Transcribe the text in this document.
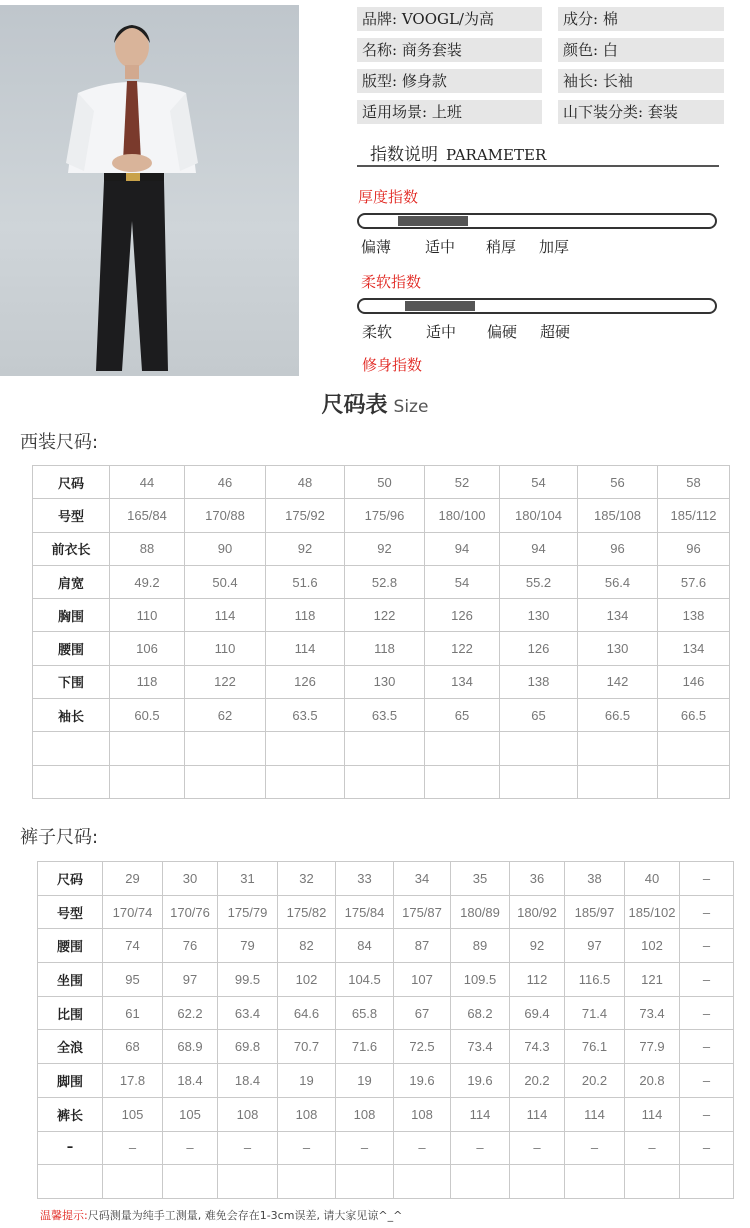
品牌: VOOGL/为高	成分: 棉
名称: 商务套装	颜色: 白
版型: 修身款	袖长: 长袖
适用场景: 上班	山下装分类: 套装
指数说明 PARAMETER
厚度指数
偏薄 适中 稍厚 加厚
柔软指数
柔软 适中 偏硬 超硬
修身指数
尺码表 Size
西装尺码:
尺码	44	46	48	50	52	54	56	58
号型	165/84	170/88	175/92	175/96	180/100	180/104	185/108	185/112
前衣长	88	90	92	92	94	94	96	96
肩宽	49.2	50.4	51.6	52.8	54	55.2	56.4	57.6
胸围	110	114	118	122	126	130	134	138
腰围	106	110	114	118	122	126	130	134
下围	118	122	126	130	134	138	142	146
袖长	60.5	62	63.5	63.5	65	65	66.5	66.5

裤子尺码:
尺码	29	30	31	32	33	34	35	36	38	40	–
号型	170/74	170/76	175/79	175/82	175/84	175/87	180/89	180/92	185/97	185/102	–
腰围	74	76	79	82	84	87	89	92	97	102	–
坐围	95	97	99.5	102	104.5	107	109.5	112	116.5	121	–
比围	61	62.2	63.4	64.6	65.8	67	68.2	69.4	71.4	73.4	–
全浪	68	68.9	69.8	70.7	71.6	72.5	73.4	74.3	76.1	77.9	–
脚围	17.8	18.4	18.4	19	19	19.6	19.6	20.2	20.2	20.8	–
裤长	105	105	108	108	108	108	114	114	114	114	–
–	–	–	–	–	–	–	–	–	–	–	–

温馨提示:尺码测量为纯手工测量, 难免会存在1-3cm误差, 请大家见谅^_^
